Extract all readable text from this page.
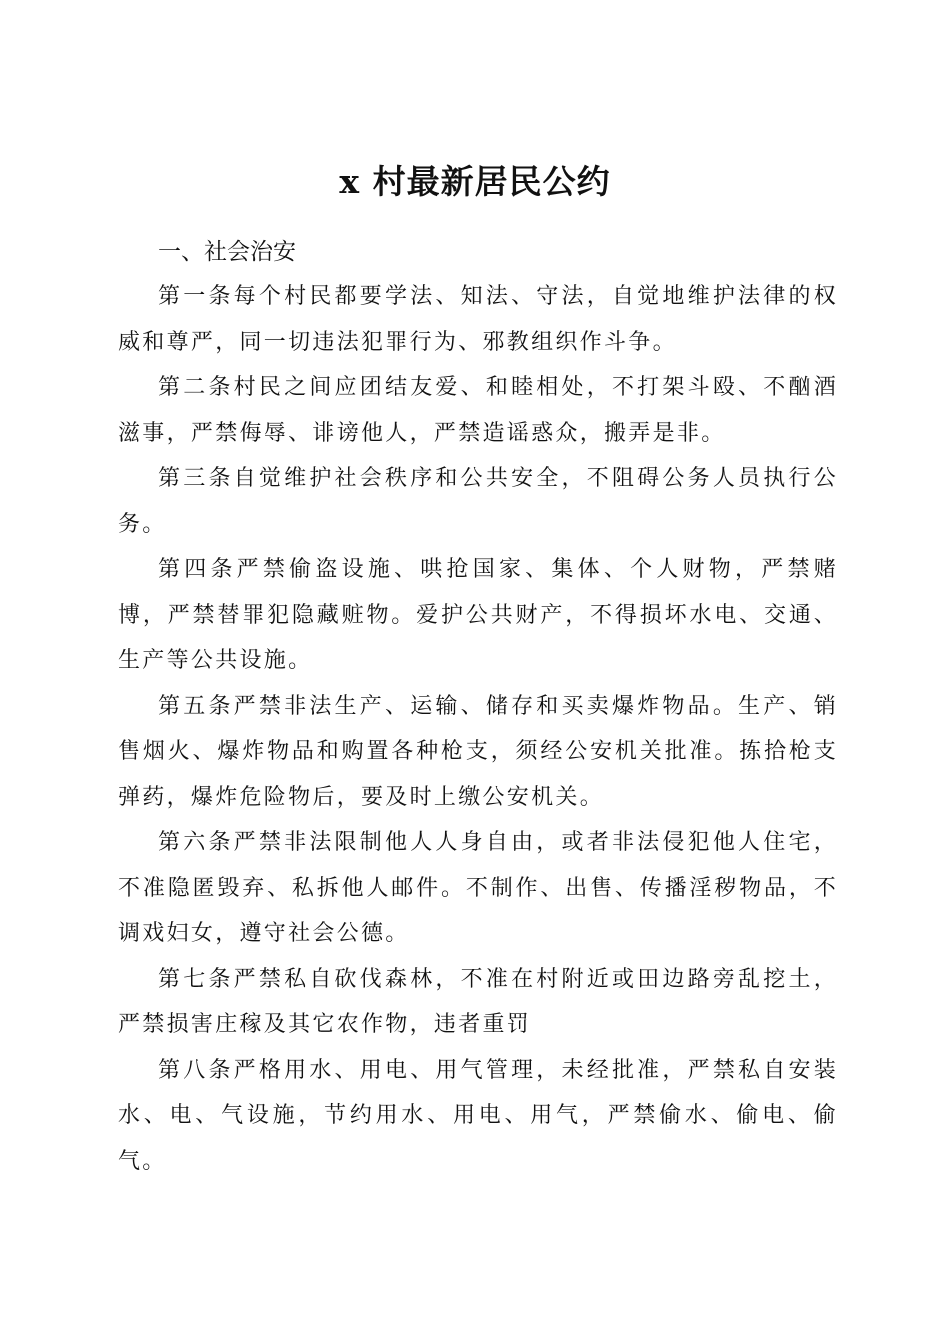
x 村最新居民公约
一、社会治安

第一条每个村民都要学法、知法、守法，自觉地维护法律的权威和尊严，同一切违法犯罪行为、邪教组织作斗争。

第二条村民之间应团结友爱、和睦相处，不打架斗殴、不酗酒滋事，严禁侮辱、诽谤他人，严禁造谣惑众，搬弄是非。

第三条自觉维护社会秩序和公共安全，不阻碍公务人员执行公务。

第四条严禁偷盗设施、哄抢国家、集体、个人财物，严禁赌博，严禁替罪犯隐藏赃物。爱护公共财产，不得损坏水电、交通、生产等公共设施。

第五条严禁非法生产、运输、储存和买卖爆炸物品。生产、销售烟火、爆炸物品和购置各种枪支，须经公安机关批准。拣拾枪支弹药，爆炸危险物后，要及时上缴公安机关。

第六条严禁非法限制他人人身自由，或者非法侵犯他人住宅，不准隐匿毁弃、私拆他人邮件。不制作、出售、传播淫秽物品，不调戏妇女，遵守社会公德。

第七条严禁私自砍伐森林，不准在村附近或田边路旁乱挖土，严禁损害庄稼及其它农作物，违者重罚

第八条严格用水、用电、用气管理，未经批准，严禁私自安装水、电、气设施，节约用水、用电、用气，严禁偷水、偷电、偷气。
